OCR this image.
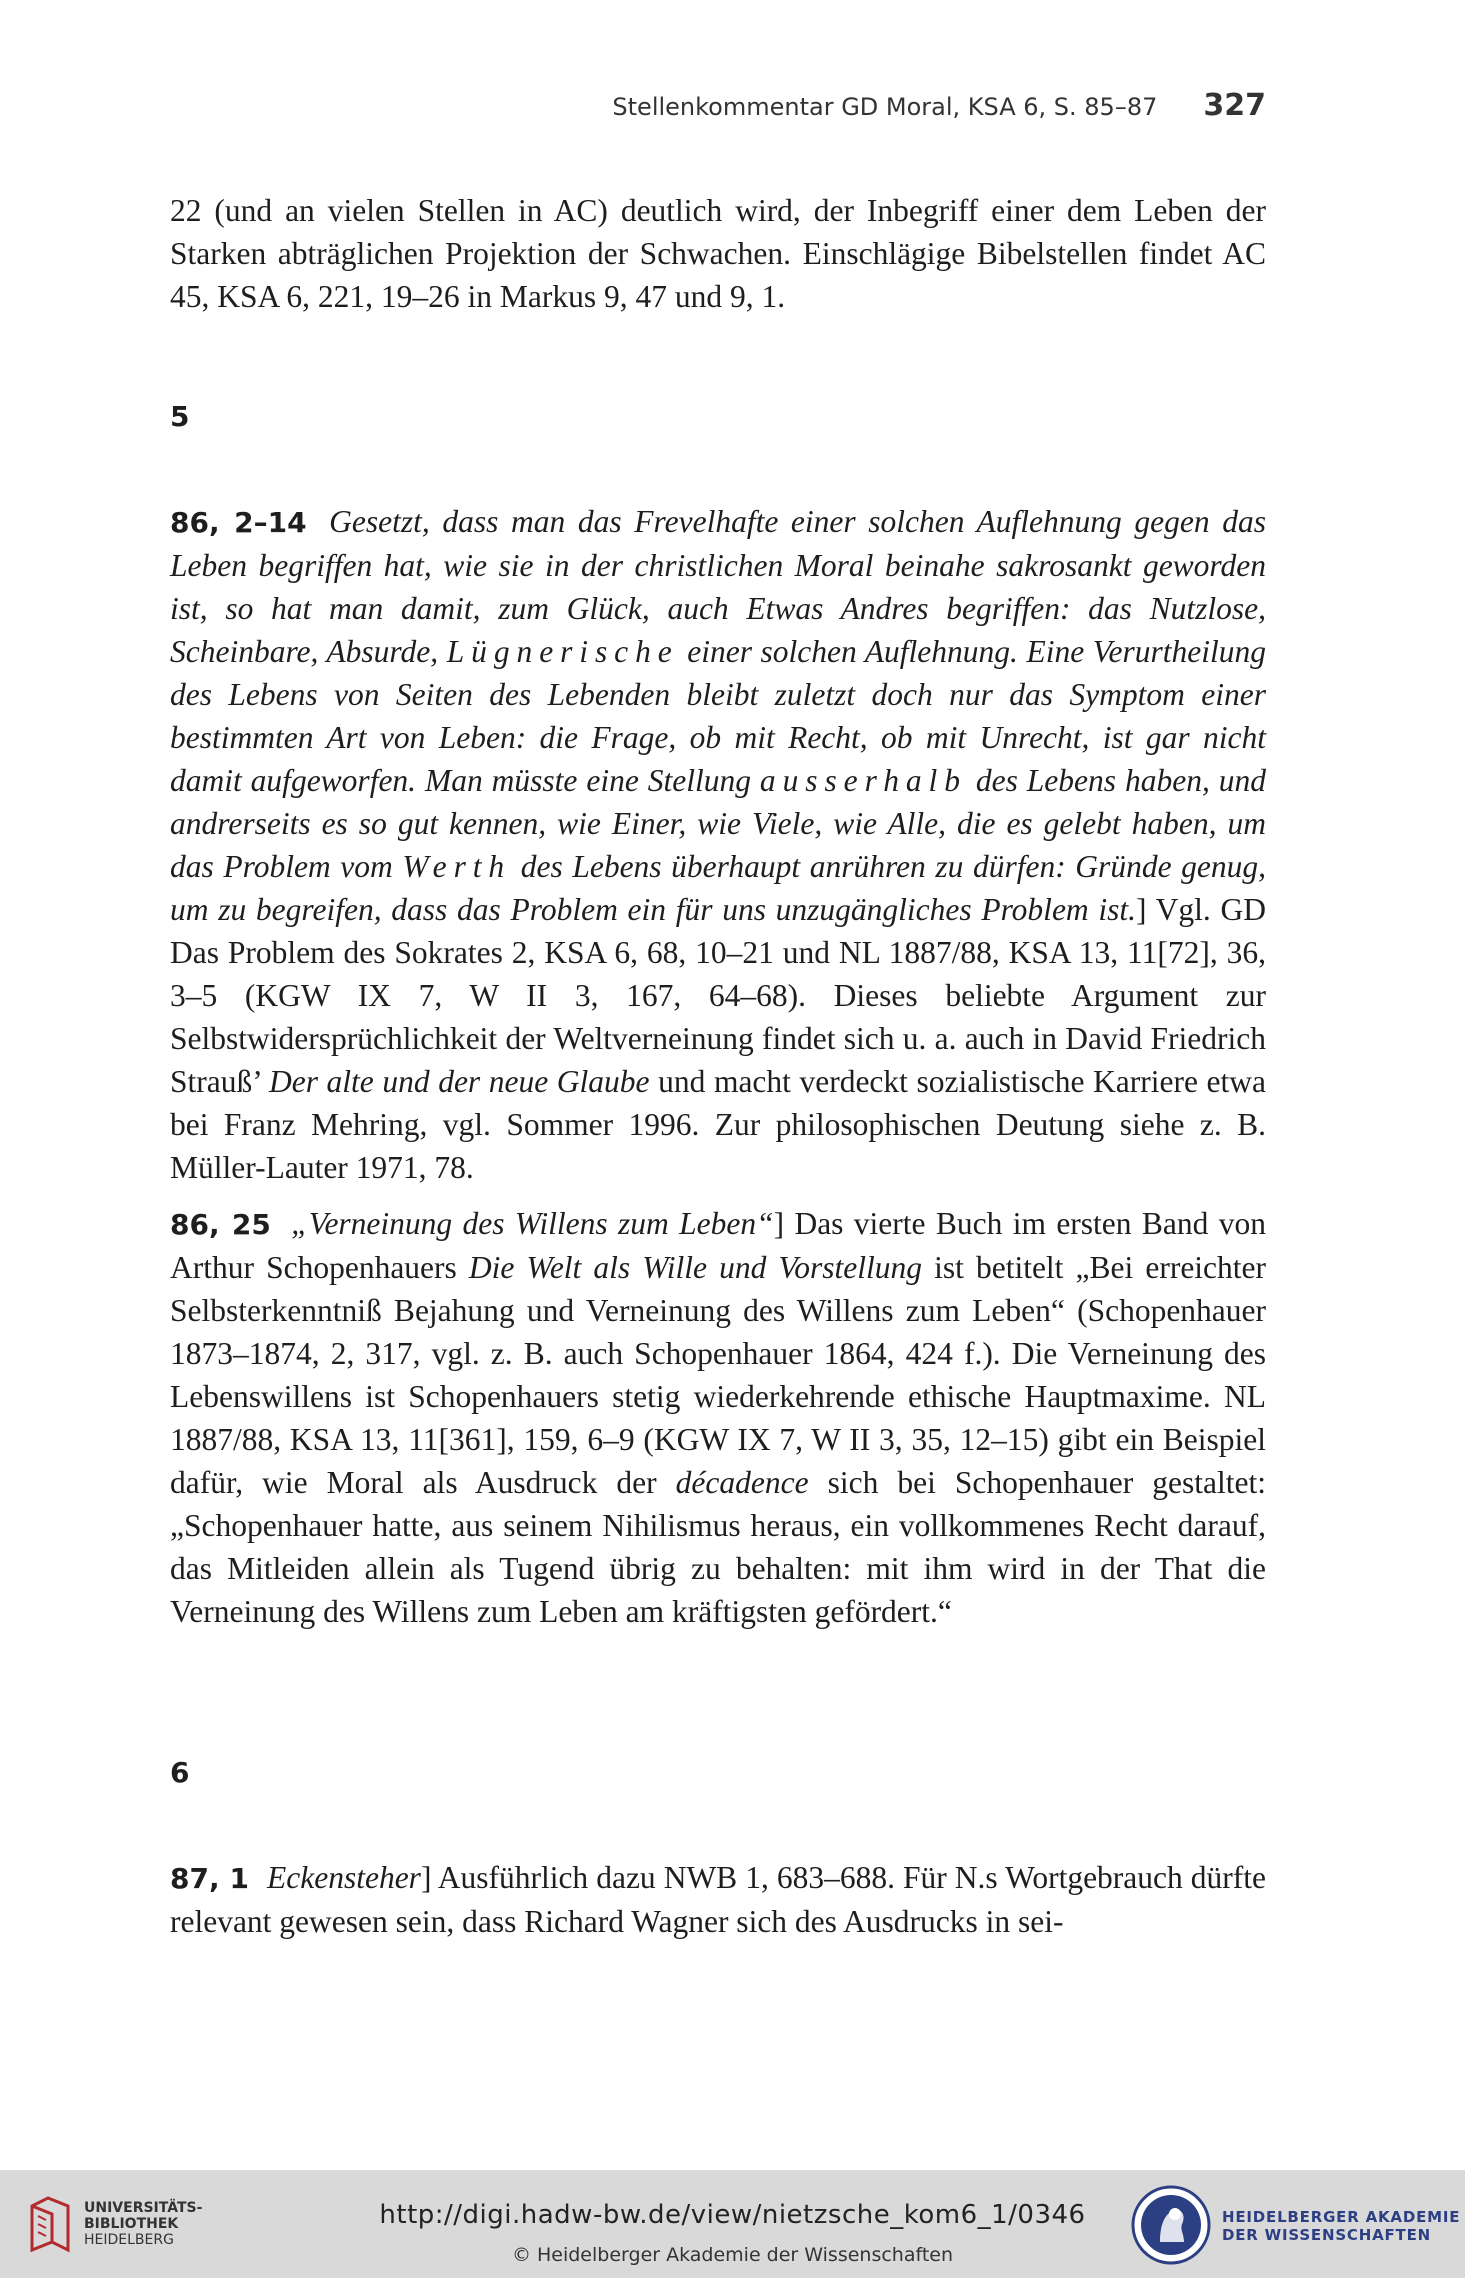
Stellenkommentar GD Moral, KSA 6, S. 85–87 327

22 (und an vielen Stellen in AC) deutlich wird, der Inbegriff einer dem Leben der Starken abträglichen Projektion der Schwachen. Einschlägige Bibelstellen findet AC 45, KSA 6, 221, 19–26 in Markus 9, 47 und 9, 1.

5

86, 2–14 Gesetzt, dass man das Frevelhafte einer solchen Auflehnung gegen das Leben begriffen hat, wie sie in der christlichen Moral beinahe sakrosankt geworden ist, so hat man damit, zum Glück, auch Etwas Andres begriffen: das Nutzlose, Scheinbare, Absurde, Lügnerische einer solchen Auflehnung. Eine Verurtheilung des Lebens von Seiten des Lebenden bleibt zuletzt doch nur das Symptom einer bestimmten Art von Leben: die Frage, ob mit Recht, ob mit Unrecht, ist gar nicht damit aufgeworfen. Man müsste eine Stellung ausserhalb des Lebens haben, und andrerseits es so gut kennen, wie Einer, wie Viele, wie Alle, die es gelebt haben, um das Problem vom Werth des Lebens überhaupt anrühren zu dürfen: Gründe genug, um zu begreifen, dass das Problem ein für uns unzugängliches Problem ist.] Vgl. GD Das Problem des Sokrates 2, KSA 6, 68, 10–21 und NL 1887/88, KSA 13, 11[72], 36, 3–5 (KGW IX 7, W II 3, 167, 64–68). Dieses beliebte Argument zur Selbstwidersprüchlichkeit der Weltverneinung findet sich u. a. auch in David Friedrich Strauß’ Der alte und der neue Glaube und macht verdeckt sozialistische Karriere etwa bei Franz Mehring, vgl. Sommer 1996. Zur philosophischen Deutung siehe z. B. Müller-Lauter 1971, 78.

86, 25 „Verneinung des Willens zum Leben“] Das vierte Buch im ersten Band von Arthur Schopenhauers Die Welt als Wille und Vorstellung ist betitelt „Bei erreichter Selbsterkenntniß Bejahung und Verneinung des Willens zum Leben“ (Schopenhauer 1873–1874, 2, 317, vgl. z. B. auch Schopenhauer 1864, 424 f.). Die Verneinung des Lebenswillens ist Schopenhauers stetig wiederkehrende ethische Hauptmaxime. NL 1887/88, KSA 13, 11[361], 159, 6–9 (KGW IX 7, W II 3, 35, 12–15) gibt ein Beispiel dafür, wie Moral als Ausdruck der décadence sich bei Schopenhauer gestaltet: „Schopenhauer hatte, aus seinem Nihilismus heraus, ein vollkommenes Recht darauf, das Mitleiden allein als Tugend übrig zu behalten: mit ihm wird in der That die Verneinung des Willens zum Leben am kräftigsten gefördert.“

6

87, 1 Eckensteher] Ausführlich dazu NWB 1, 683–688. Für N.s Wortgebrauch dürfte relevant gewesen sein, dass Richard Wagner sich des Ausdrucks in sei-

UNIVERSITÄTS-
BIBLIOTHEK
HEIDELBERG
http://digi.hadw-bw.de/view/nietzsche_kom6_1/0346
© Heidelberger Akademie der Wissenschaften
HEIDELBERGER AKADEMIE
DER WISSENSCHAFTEN
